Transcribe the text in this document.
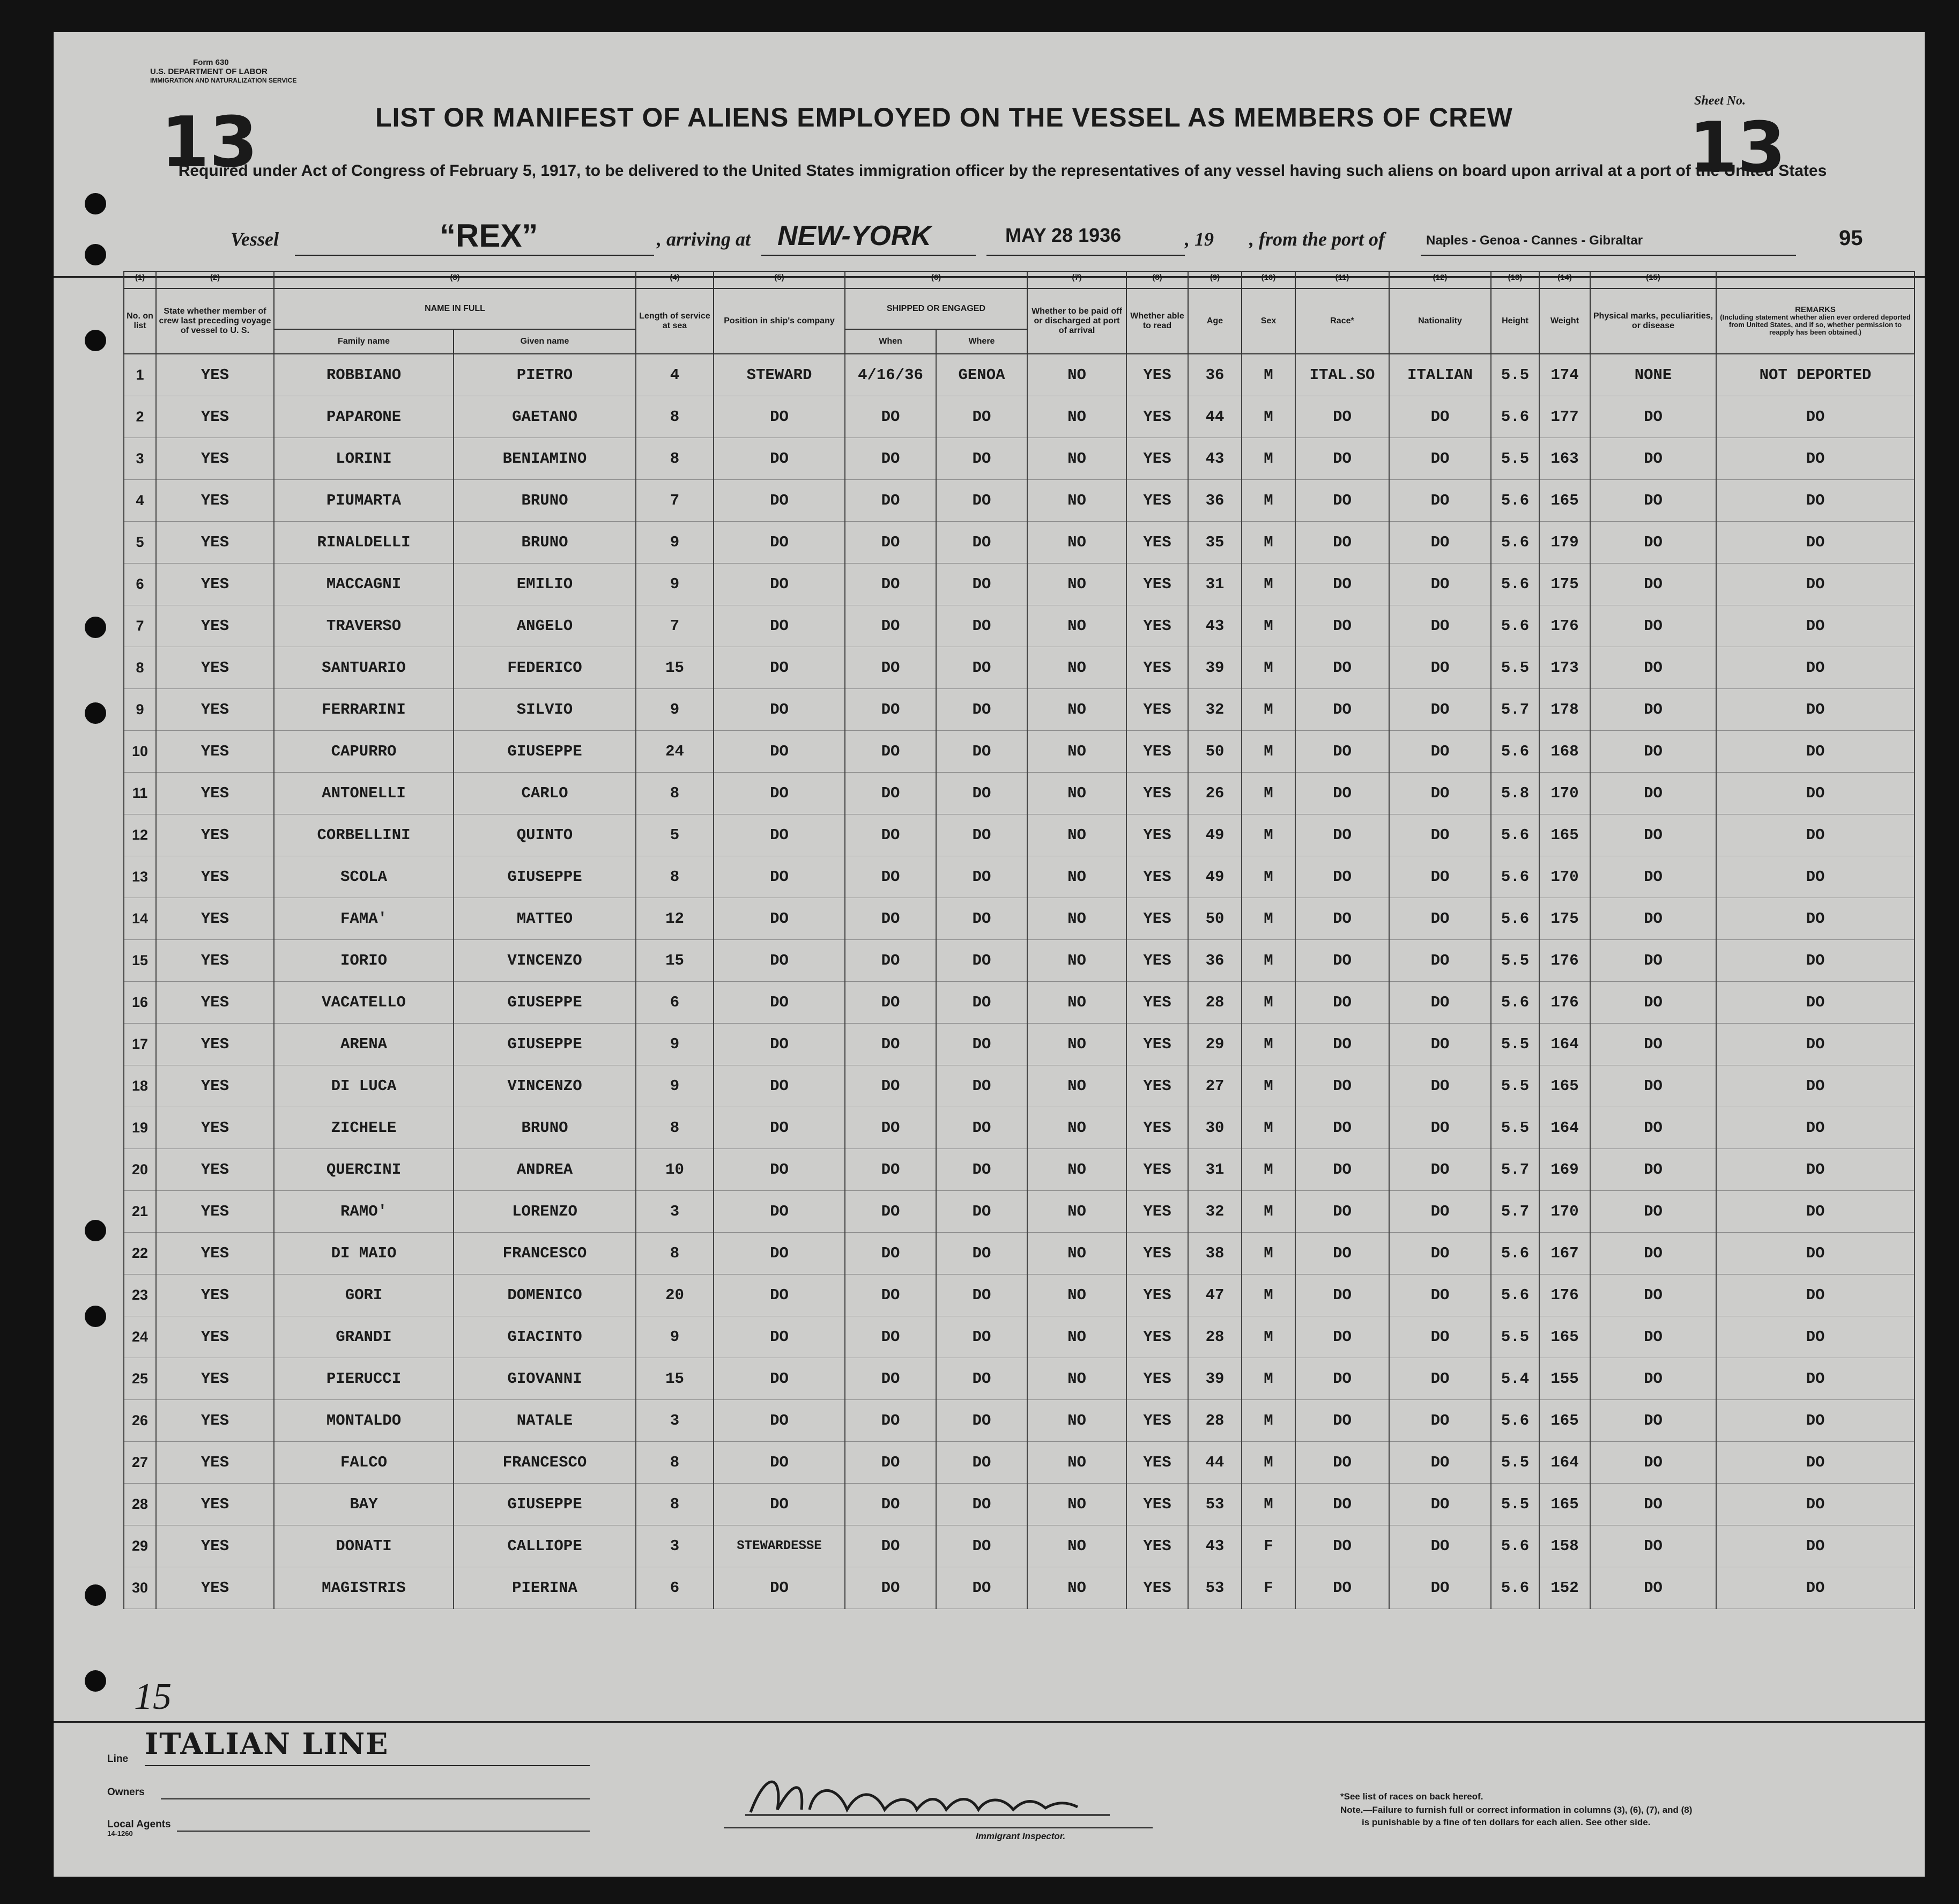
Form 630
U.S. DEPARTMENT OF LABOR
IMMIGRATION AND NATURALIZATION SERVICE
13	LIST OR MANIFEST OF ALIENS EMPLOYED ON THE VESSEL AS MEMBERS OF CREW
Sheet No.
13
Required under Act of Congress of February 5, 1917, to be delivered to the United States immigration officer by the representatives of any vessel having such aliens on board upon arrival at a port of the United States
Vessel	“REX”	, arriving at NEW-YORK	MAY 28 1936	, 19 , from the port of	Naples - Genoa - Cannes - Gibraltar	95
(1)	(2)	(3)		(4)	(5)	(6)		(7)	(8)	(9)	(10)	(11)	(12)	(13)	(14)	(15)	
No. on list	State whether member of crew last preceding voyage of vessel to U. S.	NAME IN FULL		Length of service at sea	Position in ship's company	SHIPPED OR ENGAGED		Whether to be paid off or discharged at port of arrival	Whether able to read	Age	Sex	Race*	Nationality	Height	Weight	Physical marks, peculiarities, or disease	REMARKS
(Including statement whether alien ever ordered deported from United States, and if so, whether permission to reapply has been obtained.)

		Family name	Given name			When	Where										
1	YES	ROBBIANO	PIETRO	4	STEWARD	4/16/36	GENOA	NO	YES	36	M	ITAL.SO	ITALIAN	5.5	174	NONE	NOT DEPORTED
2	YES	PAPARONE	GAETANO	8	DO	DO	DO	NO	YES	44	M	DO	DO	5.6	177	DO	DO
3	YES	LORINI	BENIAMINO	8	DO	DO	DO	NO	YES	43	M	DO	DO	5.5	163	DO	DO
4	YES	PIUMARTA	BRUNO	7	DO	DO	DO	NO	YES	36	M	DO	DO	5.6	165	DO	DO
5	YES	RINALDELLI	BRUNO	9	DO	DO	DO	NO	YES	35	M	DO	DO	5.6	179	DO	DO
6	YES	MACCAGNI	EMILIO	9	DO	DO	DO	NO	YES	31	M	DO	DO	5.6	175	DO	DO
7	YES	TRAVERSO	ANGELO	7	DO	DO	DO	NO	YES	43	M	DO	DO	5.6	176	DO	DO
8	YES	SANTUARIO	FEDERICO	15	DO	DO	DO	NO	YES	39	M	DO	DO	5.5	173	DO	DO
9	YES	FERRARINI	SILVIO	9	DO	DO	DO	NO	YES	32	M	DO	DO	5.7	178	DO	DO
10	YES	CAPURRO	GIUSEPPE	24	DO	DO	DO	NO	YES	50	M	DO	DO	5.6	168	DO	DO
11	YES	ANTONELLI	CARLO	8	DO	DO	DO	NO	YES	26	M	DO	DO	5.8	170	DO	DO
12	YES	CORBELLINI	QUINTO	5	DO	DO	DO	NO	YES	49	M	DO	DO	5.6	165	DO	DO
13	YES	SCOLA	GIUSEPPE	8	DO	DO	DO	NO	YES	49	M	DO	DO	5.6	170	DO	DO
14	YES	FAMA'	MATTEO	12	DO	DO	DO	NO	YES	50	M	DO	DO	5.6	175	DO	DO
15	YES	IORIO	VINCENZO	15	DO	DO	DO	NO	YES	36	M	DO	DO	5.5	176	DO	DO
16	YES	VACATELLO	GIUSEPPE	6	DO	DO	DO	NO	YES	28	M	DO	DO	5.6	176	DO	DO
17	YES	ARENA	GIUSEPPE	9	DO	DO	DO	NO	YES	29	M	DO	DO	5.5	164	DO	DO
18	YES	DI LUCA	VINCENZO	9	DO	DO	DO	NO	YES	27	M	DO	DO	5.5	165	DO	DO
19	YES	ZICHELE	BRUNO	8	DO	DO	DO	NO	YES	30	M	DO	DO	5.5	164	DO	DO
20	YES	QUERCINI	ANDREA	10	DO	DO	DO	NO	YES	31	M	DO	DO	5.7	169	DO	DO
21	YES	RAMO'	LORENZO	3	DO	DO	DO	NO	YES	32	M	DO	DO	5.7	170	DO	DO
22	YES	DI MAIO	FRANCESCO	8	DO	DO	DO	NO	YES	38	M	DO	DO	5.6	167	DO	DO
23	YES	GORI	DOMENICO	20	DO	DO	DO	NO	YES	47	M	DO	DO	5.6	176	DO	DO
24	YES	GRANDI	GIACINTO	9	DO	DO	DO	NO	YES	28	M	DO	DO	5.5	165	DO	DO
25	YES	PIERUCCI	GIOVANNI	15	DO	DO	DO	NO	YES	39	M	DO	DO	5.4	155	DO	DO
26	YES	MONTALDO	NATALE	3	DO	DO	DO	NO	YES	28	M	DO	DO	5.6	165	DO	DO
27	YES	FALCO	FRANCESCO	8	DO	DO	DO	NO	YES	44	M	DO	DO	5.5	164	DO	DO
28	YES	BAY	GIUSEPPE	8	DO	DO	DO	NO	YES	53	M	DO	DO	5.5	165	DO	DO
29	YES	DONATI	CALLIOPE	3	STEWARDESSE	DO	DO	NO	YES	43	F	DO	DO	5.6	158	DO	DO
30	YES	MAGISTRIS	PIERINA	6	DO	DO	DO	NO	YES	53	F	DO	DO	5.6	152	DO	DO
15
Line ITALIAN LINE
Owners
Local Agents
14-1260	Immigrant Inspector.
*See list of races on back hereof.
Note.—Failure to furnish full or correct information in columns (3), (6), (7), and (8)
is punishable by a fine of ten dollars for each alien. See other side.
